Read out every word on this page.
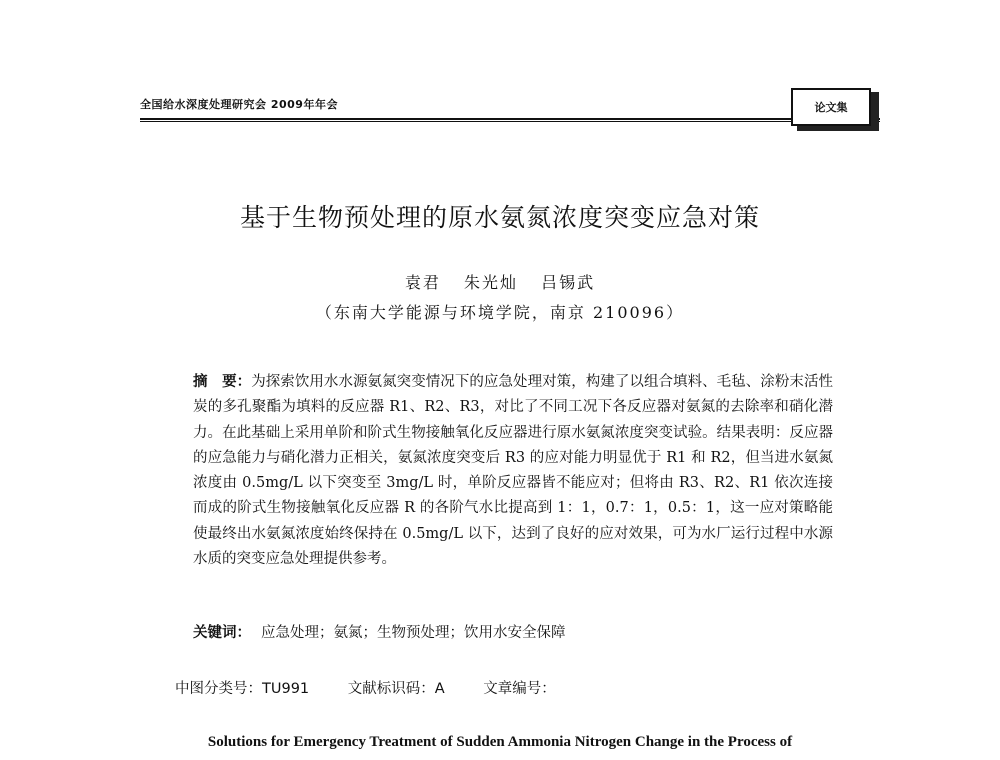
全国给水深度处理研究会 2009年年会	论文集
基于生物预处理的原水氨氮浓度突变应急对策
袁君 朱光灿 吕锡武
（东南大学能源与环境学院，南京 210096）
摘　要：为探索饮用水水源氨氮突变情况下的应急处理对策，构建了以组合填料、毛毡、涂粉末活性炭的多孔聚酯为填料的反应器 R1、R2、R3，对比了不同工况下各反应器对氨氮的去除率和硝化潜力。在此基础上采用单阶和阶式生物接触氧化反应器进行原水氨氮浓度突变试验。结果表明：反应器的应急能力与硝化潜力正相关，氨氮浓度突变后 R3 的应对能力明显优于 R1 和 R2，但当进水氨氮浓度由 0.5mg/L 以下突变至 3mg/L 时，单阶反应器皆不能应对；但将由 R3、R2、R1 依次连接而成的阶式生物接触氧化反应器 R 的各阶气水比提高到 1：1，0.7：1，0.5：1，这一应对策略能使最终出水氨氮浓度始终保持在 0.5mg/L 以下，达到了良好的应对效果，可为水厂运行过程中水源水质的突变应急处理提供参考。
关键词： 应急处理；氨氮；生物预处理；饮用水安全保障
中图分类号：TU991	文献标识码：A	文章编号：
Solutions for Emergency Treatment of Sudden Ammonia Nitrogen Change in the Process of
